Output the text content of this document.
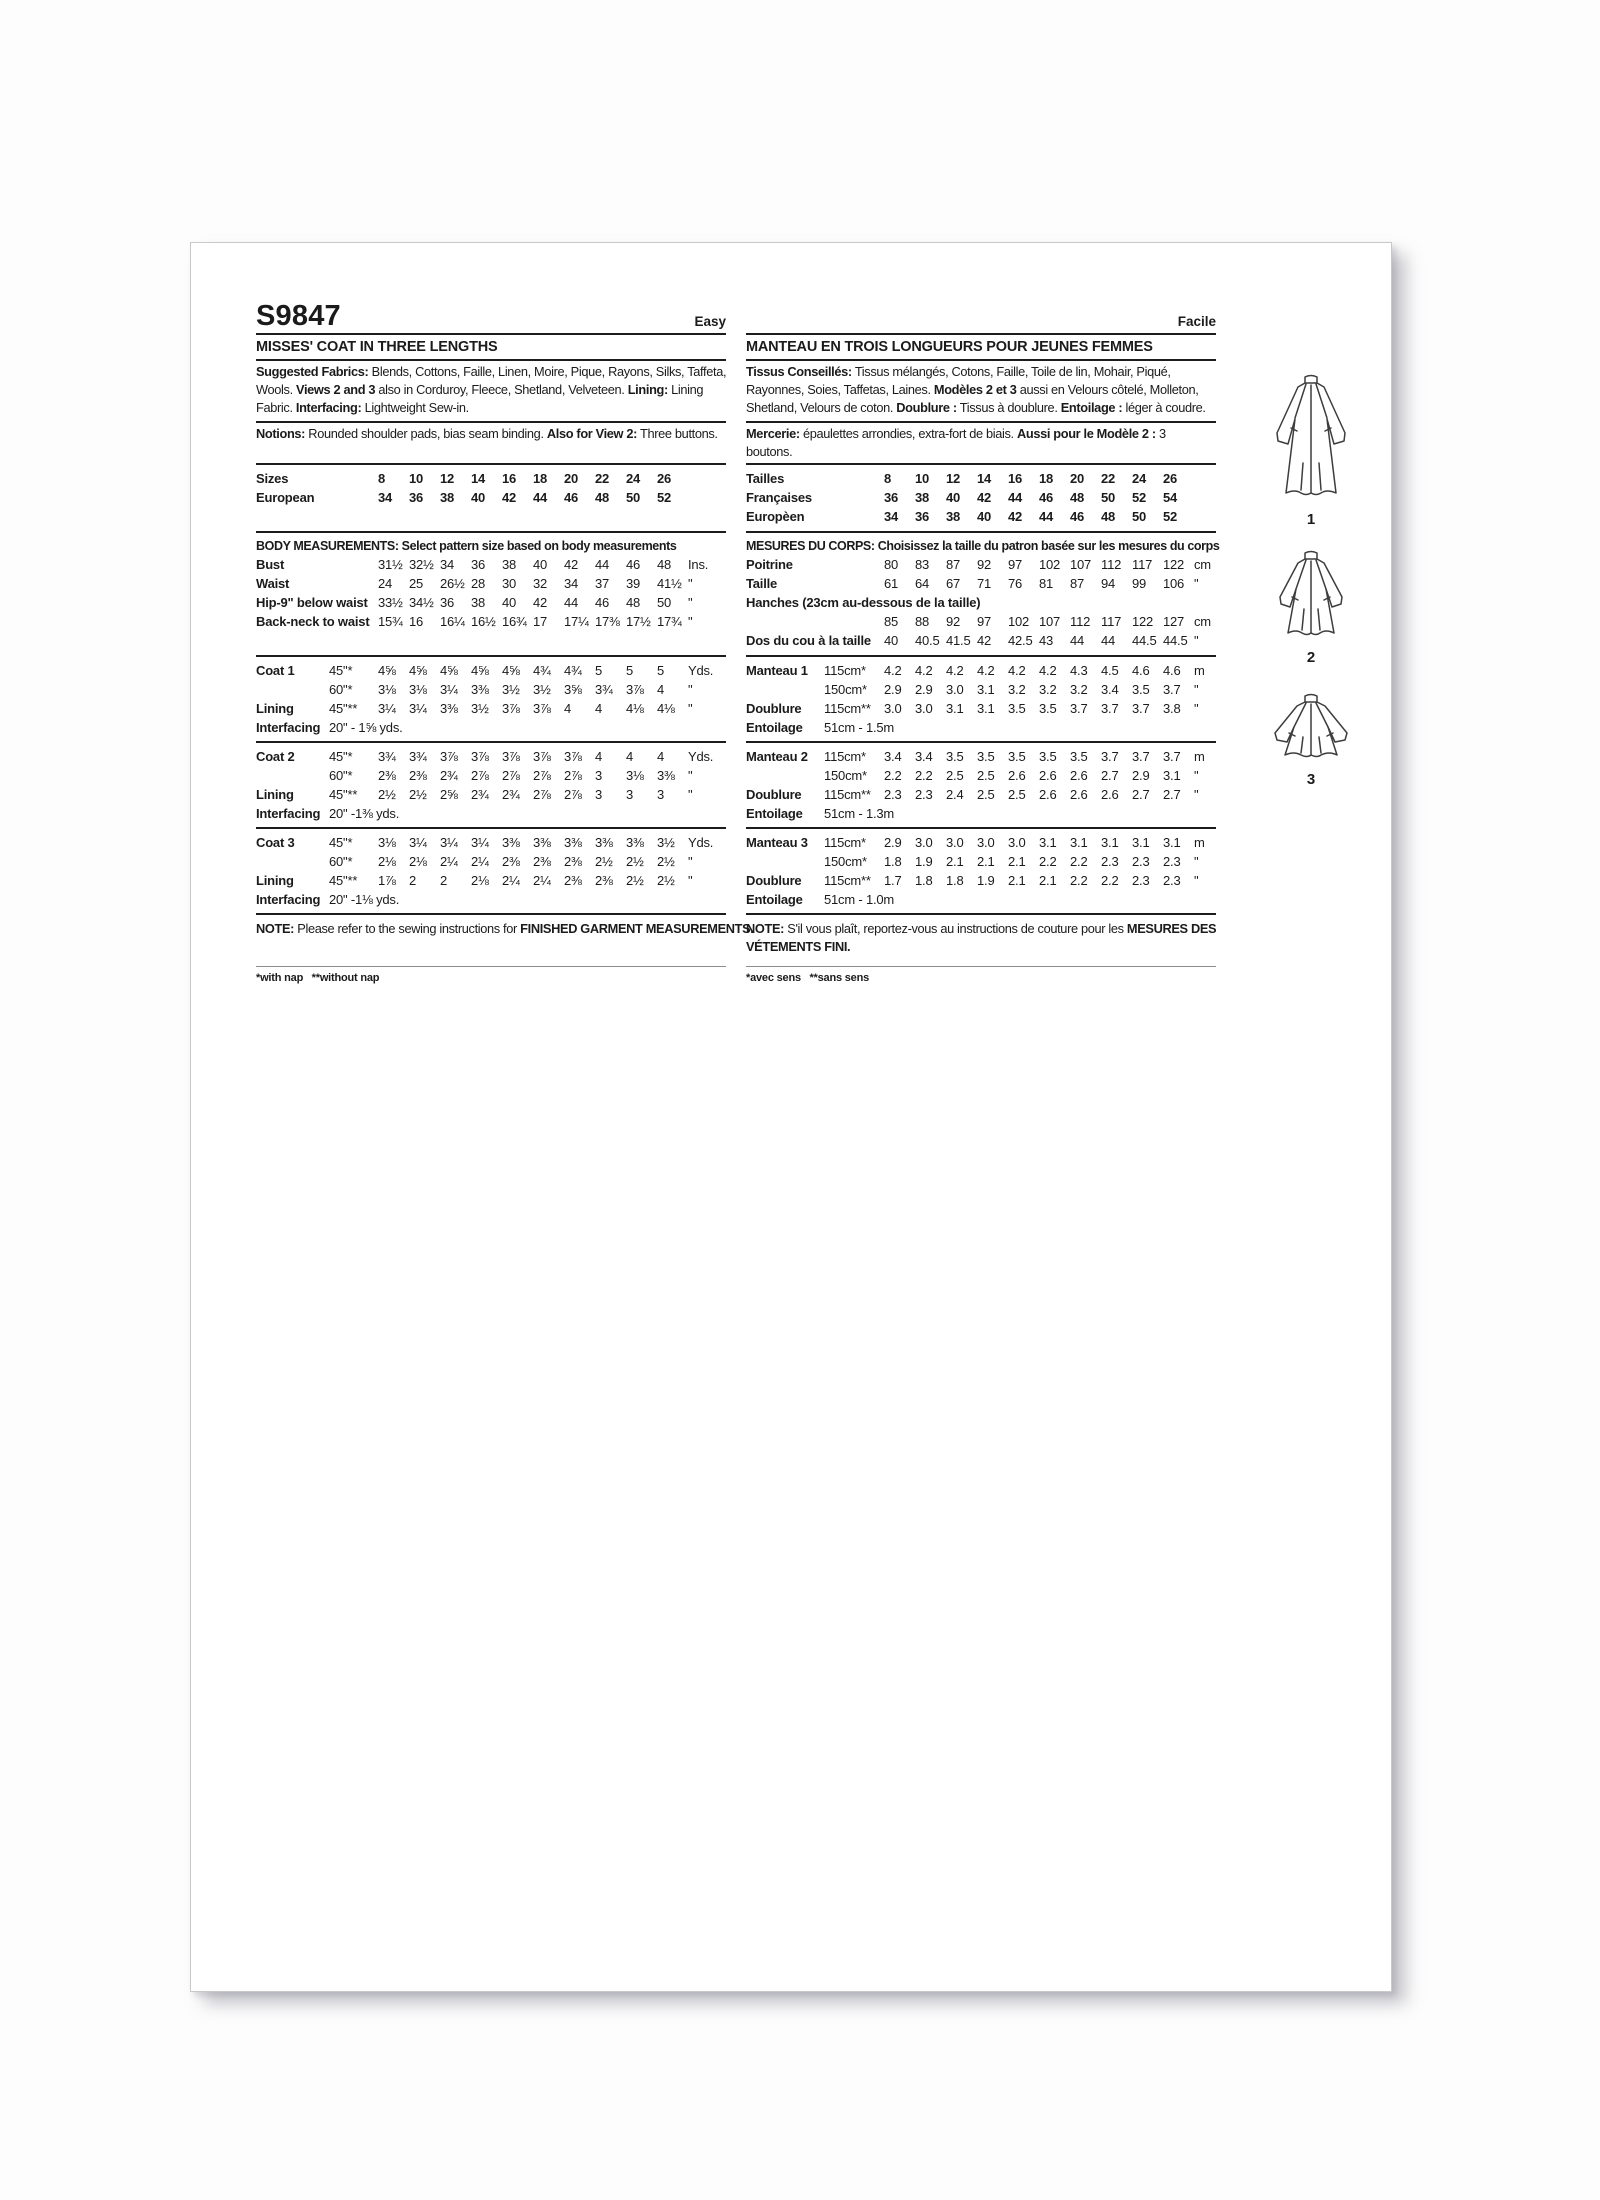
S9847	Easy
MISSES' COAT IN THREE LENGTHS
Suggested Fabrics: Blends, Cottons, Faille, Linen, Moire, Pique, Rayons, Silks, Taffeta,
Wools. Views 2 and 3 also in Corduroy, Fleece, Shetland, Velveteen. Lining: Lining
Fabric. Interfacing: Lightweight Sew-in.
Notions: Rounded shoulder pads, bias seam binding. Also for View 2: Three buttons.
Sizes	8	10	12	14	16	18	20	22	24	26
European	34	36	38	40	42	44	46	48	50	52
BODY MEASUREMENTS: Select pattern size based on body measurements
Bust	31½ 32½ 34	36	38	40	42	44	46	48	Ins.
Waist	24	25	26½ 28	30	32	34	37	39	41½ "
Hip-9" below waist 33½ 34½ 36	38	40	42	44	46	48	50	"
Back-neck to waist 15¾ 16	16¼ 16½ 16¾ 17	17¼ 17⅜ 17½ 17¾ "
Coat 1	45"*	4⅝	4⅝	4⅝	4⅝	4⅝	4¾	4¾	5	5	5	Yds.
60"*	3⅛	3⅛	3¼	3⅜	3½	3½	3⅝	3¾	3⅞	4	"
Lining	45"**	3¼	3¼	3⅜	3½	3⅞	3⅞	4	4	4⅛	4⅛	"
Interfacing 20" - 1⅝ yds.
Coat 2	45"*	3¾	3¾	3⅞	3⅞	3⅞	3⅞	3⅞	4	4	4	Yds.
60"*	2⅜	2⅜	2¾	2⅞	2⅞	2⅞	2⅞	3	3⅛	3⅜	"
Lining	45"**	2½	2½	2⅝	2¾	2¾	2⅞	2⅞	3	3	3	"
Interfacing 20" -1⅜ yds.
Coat 3	45"*	3⅛	3¼	3¼	3¼	3⅜	3⅜	3⅜	3⅜	3⅜	3½	Yds.
60"*	2⅛	2⅛	2¼	2¼	2⅜	2⅜	2⅜	2½	2½	2½	"
Lining	45"**	1⅞	2	2	2⅛	2¼	2¼	2⅜	2⅜	2½	2½	"
Interfacing 20" -1⅛ yds.
NOTE: Please refer to the sewing instructions for FINISHED GARMENT MEASUREMENTS.
*with nap   **without nap
Facile
MANTEAU EN TROIS LONGUEURS POUR JEUNES FEMMES
Tissus Conseillés: Tissus mélangés, Cotons, Faille, Toile de lin, Mohair, Piqué,
Rayonnes, Soies, Taffetas, Laines. Modèles 2 et 3 aussi en Velours côtelé, Molleton,
Shetland, Velours de coton. Doublure : Tissus à doublure. Entoilage : léger à coudre.
Mercerie: épaulettes arrondies, extra-fort de biais. Aussi pour le Modèle 2 : 3
boutons.
Tailles	8	10	12	14	16	18	20	22	24	26
Françaises	36	38	40	42	44	46	48	50	52	54
Europèen	34	36	38	40	42	44	46	48	50	52
MESURES DU CORPS: Choisissez la taille du patron basée sur les mesures du corps
Poitrine	80	83	87	92	97	102 107 112 117 122 cm
Taille	61	64	67	71	76	81	87	94	99	106 "
Hanches (23cm au-dessous de la taille)
85	88	92	97	102 107 112 117 122 127 cm
Dos du cou à la taille 40	40.5 41.5 42	42.5 43	44	44	44.5 44.5 "
Manteau 1	115cm*	4.2	4.2	4.2	4.2	4.2	4.2	4.3	4.5	4.6	4.6	m
150cm*	2.9	2.9	3.0	3.1	3.2	3.2	3.2	3.4	3.5	3.7	"
Doublure	115cm**	3.0	3.0	3.1	3.1	3.5	3.5	3.7	3.7	3.7	3.8	"
Entoilage	51cm - 1.5m
Manteau 2	115cm*	3.4	3.4	3.5	3.5	3.5	3.5	3.5	3.7	3.7	3.7	m
150cm*	2.2	2.2	2.5	2.5	2.6	2.6	2.6	2.7	2.9	3.1	"
Doublure	115cm**	2.3	2.3	2.4	2.5	2.5	2.6	2.6	2.6	2.7	2.7	"
Entoilage	51cm - 1.3m
Manteau 3	115cm*	2.9	3.0	3.0	3.0	3.0	3.1	3.1	3.1	3.1	3.1	m
150cm*	1.8	1.9	2.1	2.1	2.1	2.2	2.2	2.3	2.3	2.3	"
Doublure	115cm**	1.7	1.8	1.8	1.9	2.1	2.1	2.2	2.2	2.3	2.3	"
Entoilage	51cm - 1.0m
NOTE: S'il vous plaît, reportez-vous au instructions de couture pour les MESURES DES
VÉTEMENTS FINI.
*avec sens   **sans sens
1
2
3
